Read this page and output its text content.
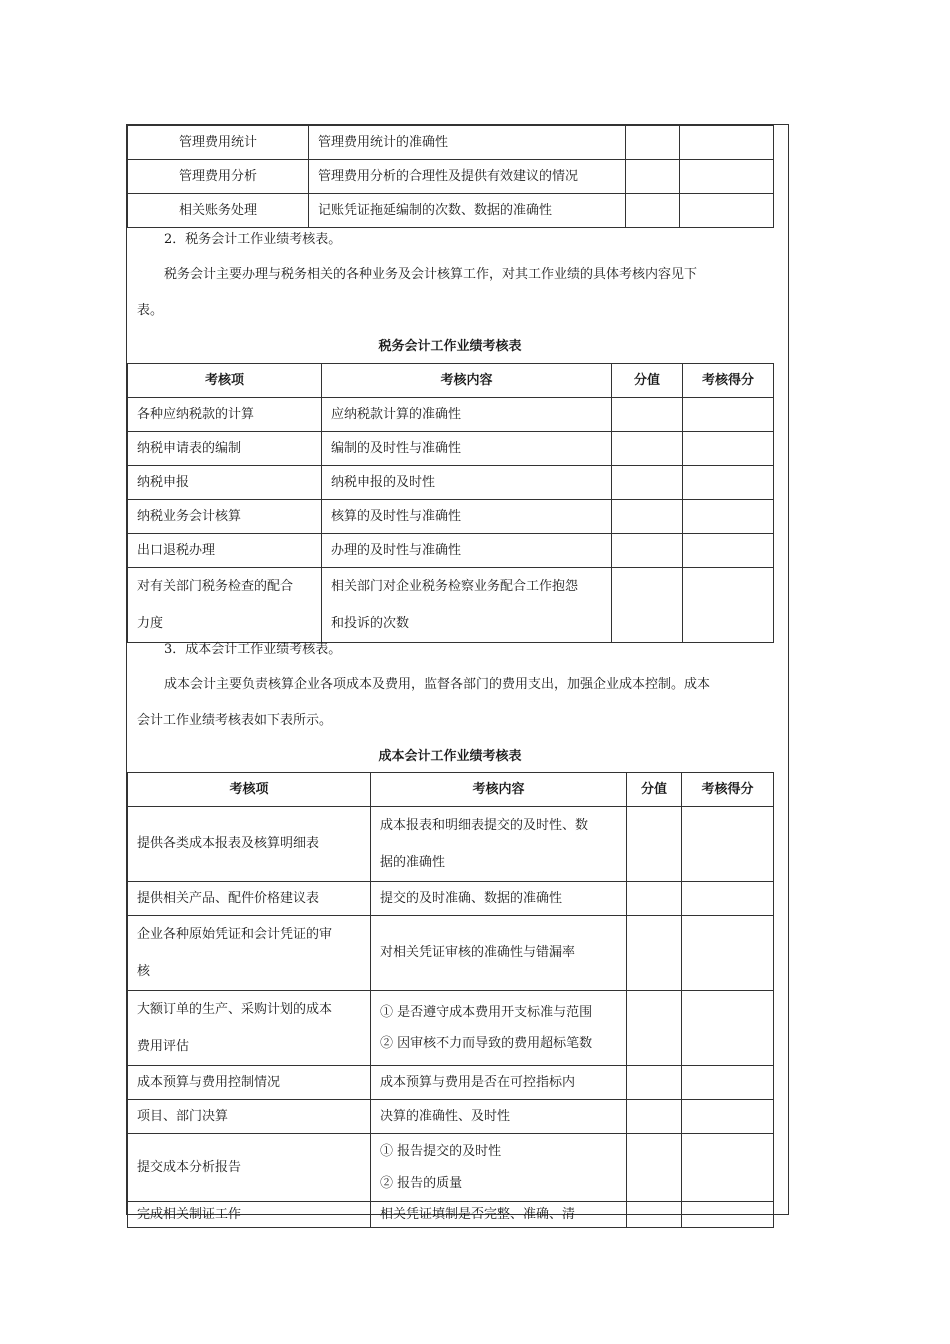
管理费用统计	管理费用统计的准确性		
管理费用分析	管理费用分析的合理性及提供有效建议的情况		
相关账务处理	记账凭证拖延编制的次数、数据的准确性		

2．税务会计工作业绩考核表。

税务会计主要办理与税务相关的各种业务及会计核算工作，对其工作业绩的具体考核内容见下

表。

税务会计工作业绩考核表
考核项	考核内容	分值	考核得分
各种应纳税款的计算	应纳税款计算的准确性		
纳税申请表的编制	编制的及时性与准确性		
纳税申报	纳税申报的及时性		
纳税业务会计核算	核算的及时性与准确性		
出口退税办理	办理的及时性与准确性		

对有关部门税务检查的配合
力度	相关部门对企业税务检察业务配合工作抱怨
和投诉的次数		

3．成本会计工作业绩考核表。

成本会计主要负责核算企业各项成本及费用，监督各部门的费用支出，加强企业成本控制。成本

会计工作业绩考核表如下表所示。

成本会计工作业绩考核表
考核项	考核内容	分值	考核得分
提供各类成本报表及核算明细表	成本报表和明细表提交的及时性、数
据的准确性		

提供相关产品、配件价格建议表	提交的及时准确、数据的准确性		

企业各种原始凭证和会计凭证的审
核	对相关凭证审核的准确性与错漏率		

大额订单的生产、采购计划的成本
费用评估	① 是否遵守成本费用开支标准与范围
② 因审核不力而导致的费用超标笔数		

成本预算与费用控制情况	成本预算与费用是否在可控指标内		
项目、部门决算	决算的准确性、及时性		
提交成本分析报告	① 报告提交的及时性
② 报告的质量		

完成相关制证工作	相关凭证填制是否完整、准确、清		
